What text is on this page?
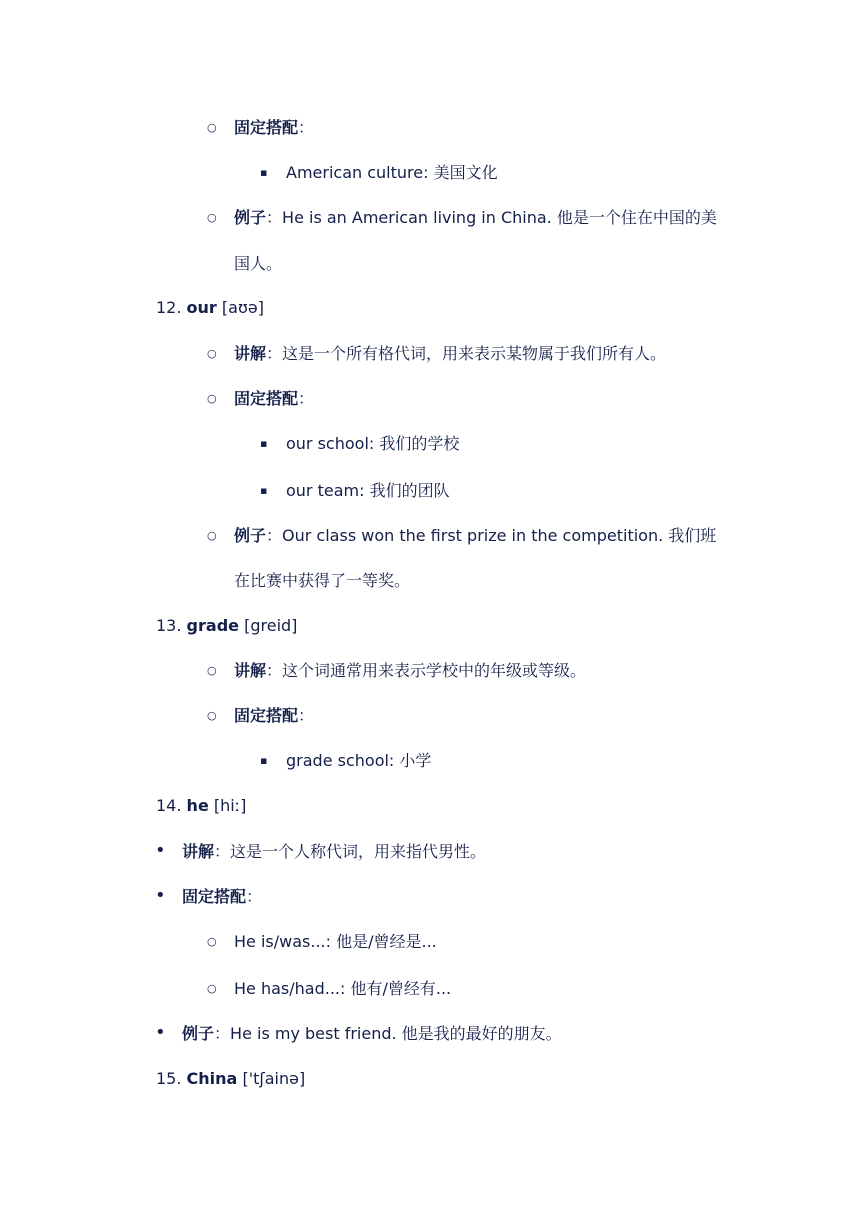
○ 固定搭配：
▪ American culture: 美国文化
○ 例子：He is an American living in China. 他是一个住在中国的美
国人。
12. our [aʊə]
○ 讲解：这是一个所有格代词，用来表示某物属于我们所有人。
○ 固定搭配：
▪ our school: 我们的学校
▪ our team: 我们的团队
○ 例子：Our class won the first prize in the competition. 我们班
在比赛中获得了一等奖。
13. grade [greid]
○ 讲解：这个词通常用来表示学校中的年级或等级。
○ 固定搭配：
▪ grade school: 小学
14. he [hiː]
• 讲解：这是一个人称代词，用来指代男性。
• 固定搭配：
○ He is/was...: 他是/曾经是...
○ He has/had...: 他有/曾经有...
• 例子：He is my best friend. 他是我的最好的朋友。
15. China ['tʃainə]
